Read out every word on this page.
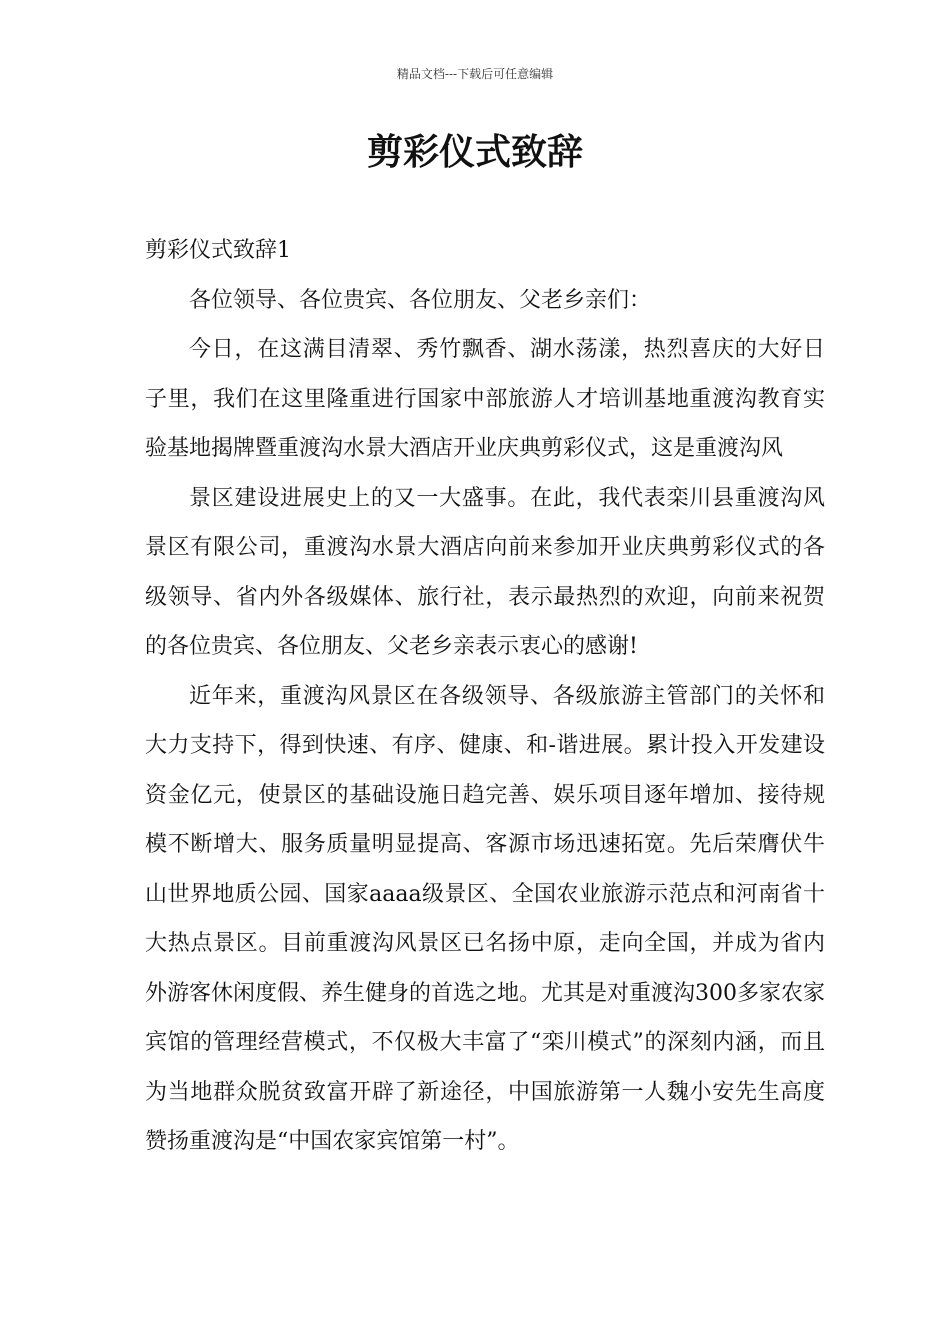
精品文档---下载后可任意编辑
剪彩仪式致辞

剪彩仪式致辞1

各位领导、各位贵宾、各位朋友、父老乡亲们：

今日，在这满目清翠、秀竹飘香、湖水荡漾，热烈喜庆的大好日子里，我们在这里隆重进行国家中部旅游人才培训基地重渡沟教育实验基地揭牌暨重渡沟水景大酒店开业庆典剪彩仪式，这是重渡沟风

景区建设进展史上的又一大盛事。在此，我代表栾川县重渡沟风景区有限公司，重渡沟水景大酒店向前来参加开业庆典剪彩仪式的各级领导、省内外各级媒体、旅行社，表示最热烈的欢迎，向前来祝贺的各位贵宾、各位朋友、父老乡亲表示衷心的感谢!

近年来，重渡沟风景区在各级领导、各级旅游主管部门的关怀和大力支持下，得到快速、有序、健康、和-谐进展。累计投入开发建设资金亿元，使景区的基础设施日趋完善、娱乐项目逐年增加、接待规模不断增大、服务质量明显提高、客源市场迅速拓宽。先后荣膺伏牛山世界地质公园、国家aaaa级景区、全国农业旅游示范点和河南省十大热点景区。目前重渡沟风景区已名扬中原，走向全国，并成为省内外游客休闲度假、养生健身的首选之地。尤其是对重渡沟300多家农家宾馆的管理经营模式，不仅极大丰富了“栾川模式”的深刻内涵，而且为当地群众脱贫致富开辟了新途径，中国旅游第一人魏小安先生高度赞扬重渡沟是“中国农家宾馆第一村”。
